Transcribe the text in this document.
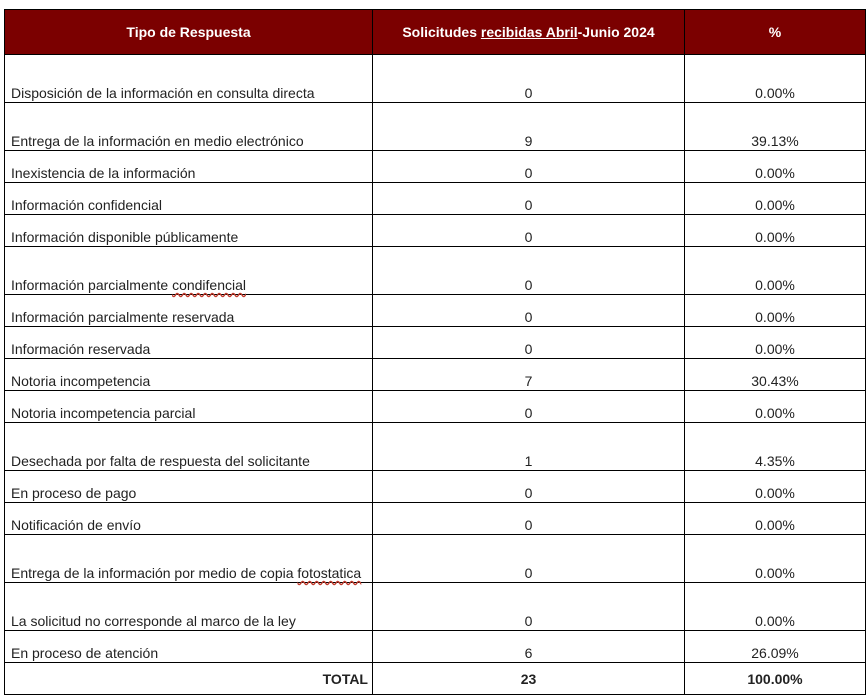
Tipo de Respuesta	Solicitudes recibidas Abril-Junio 2024	%
Disposición de la información en consulta directa	0	0.00%
Entrega de la información en medio electrónico	9	39.13%
Inexistencia de la información	0	0.00%
Información confidencial	0	0.00%
Información disponible públicamente	0	0.00%
Información parcialmente condifencial	0	0.00%
Información parcialmente reservada	0	0.00%
Información reservada	0	0.00%
Notoria incompetencia	7	30.43%
Notoria incompetencia parcial	0	0.00%
Desechada por falta de respuesta del solicitante	1	4.35%
En proceso de pago	0	0.00%
Notificación de envío	0	0.00%
Entrega de la información por medio de copia fotostatica	0	0.00%
La solicitud no corresponde al marco de la ley	0	0.00%
En proceso de atención	6	26.09%
TOTAL	23	100.00%
